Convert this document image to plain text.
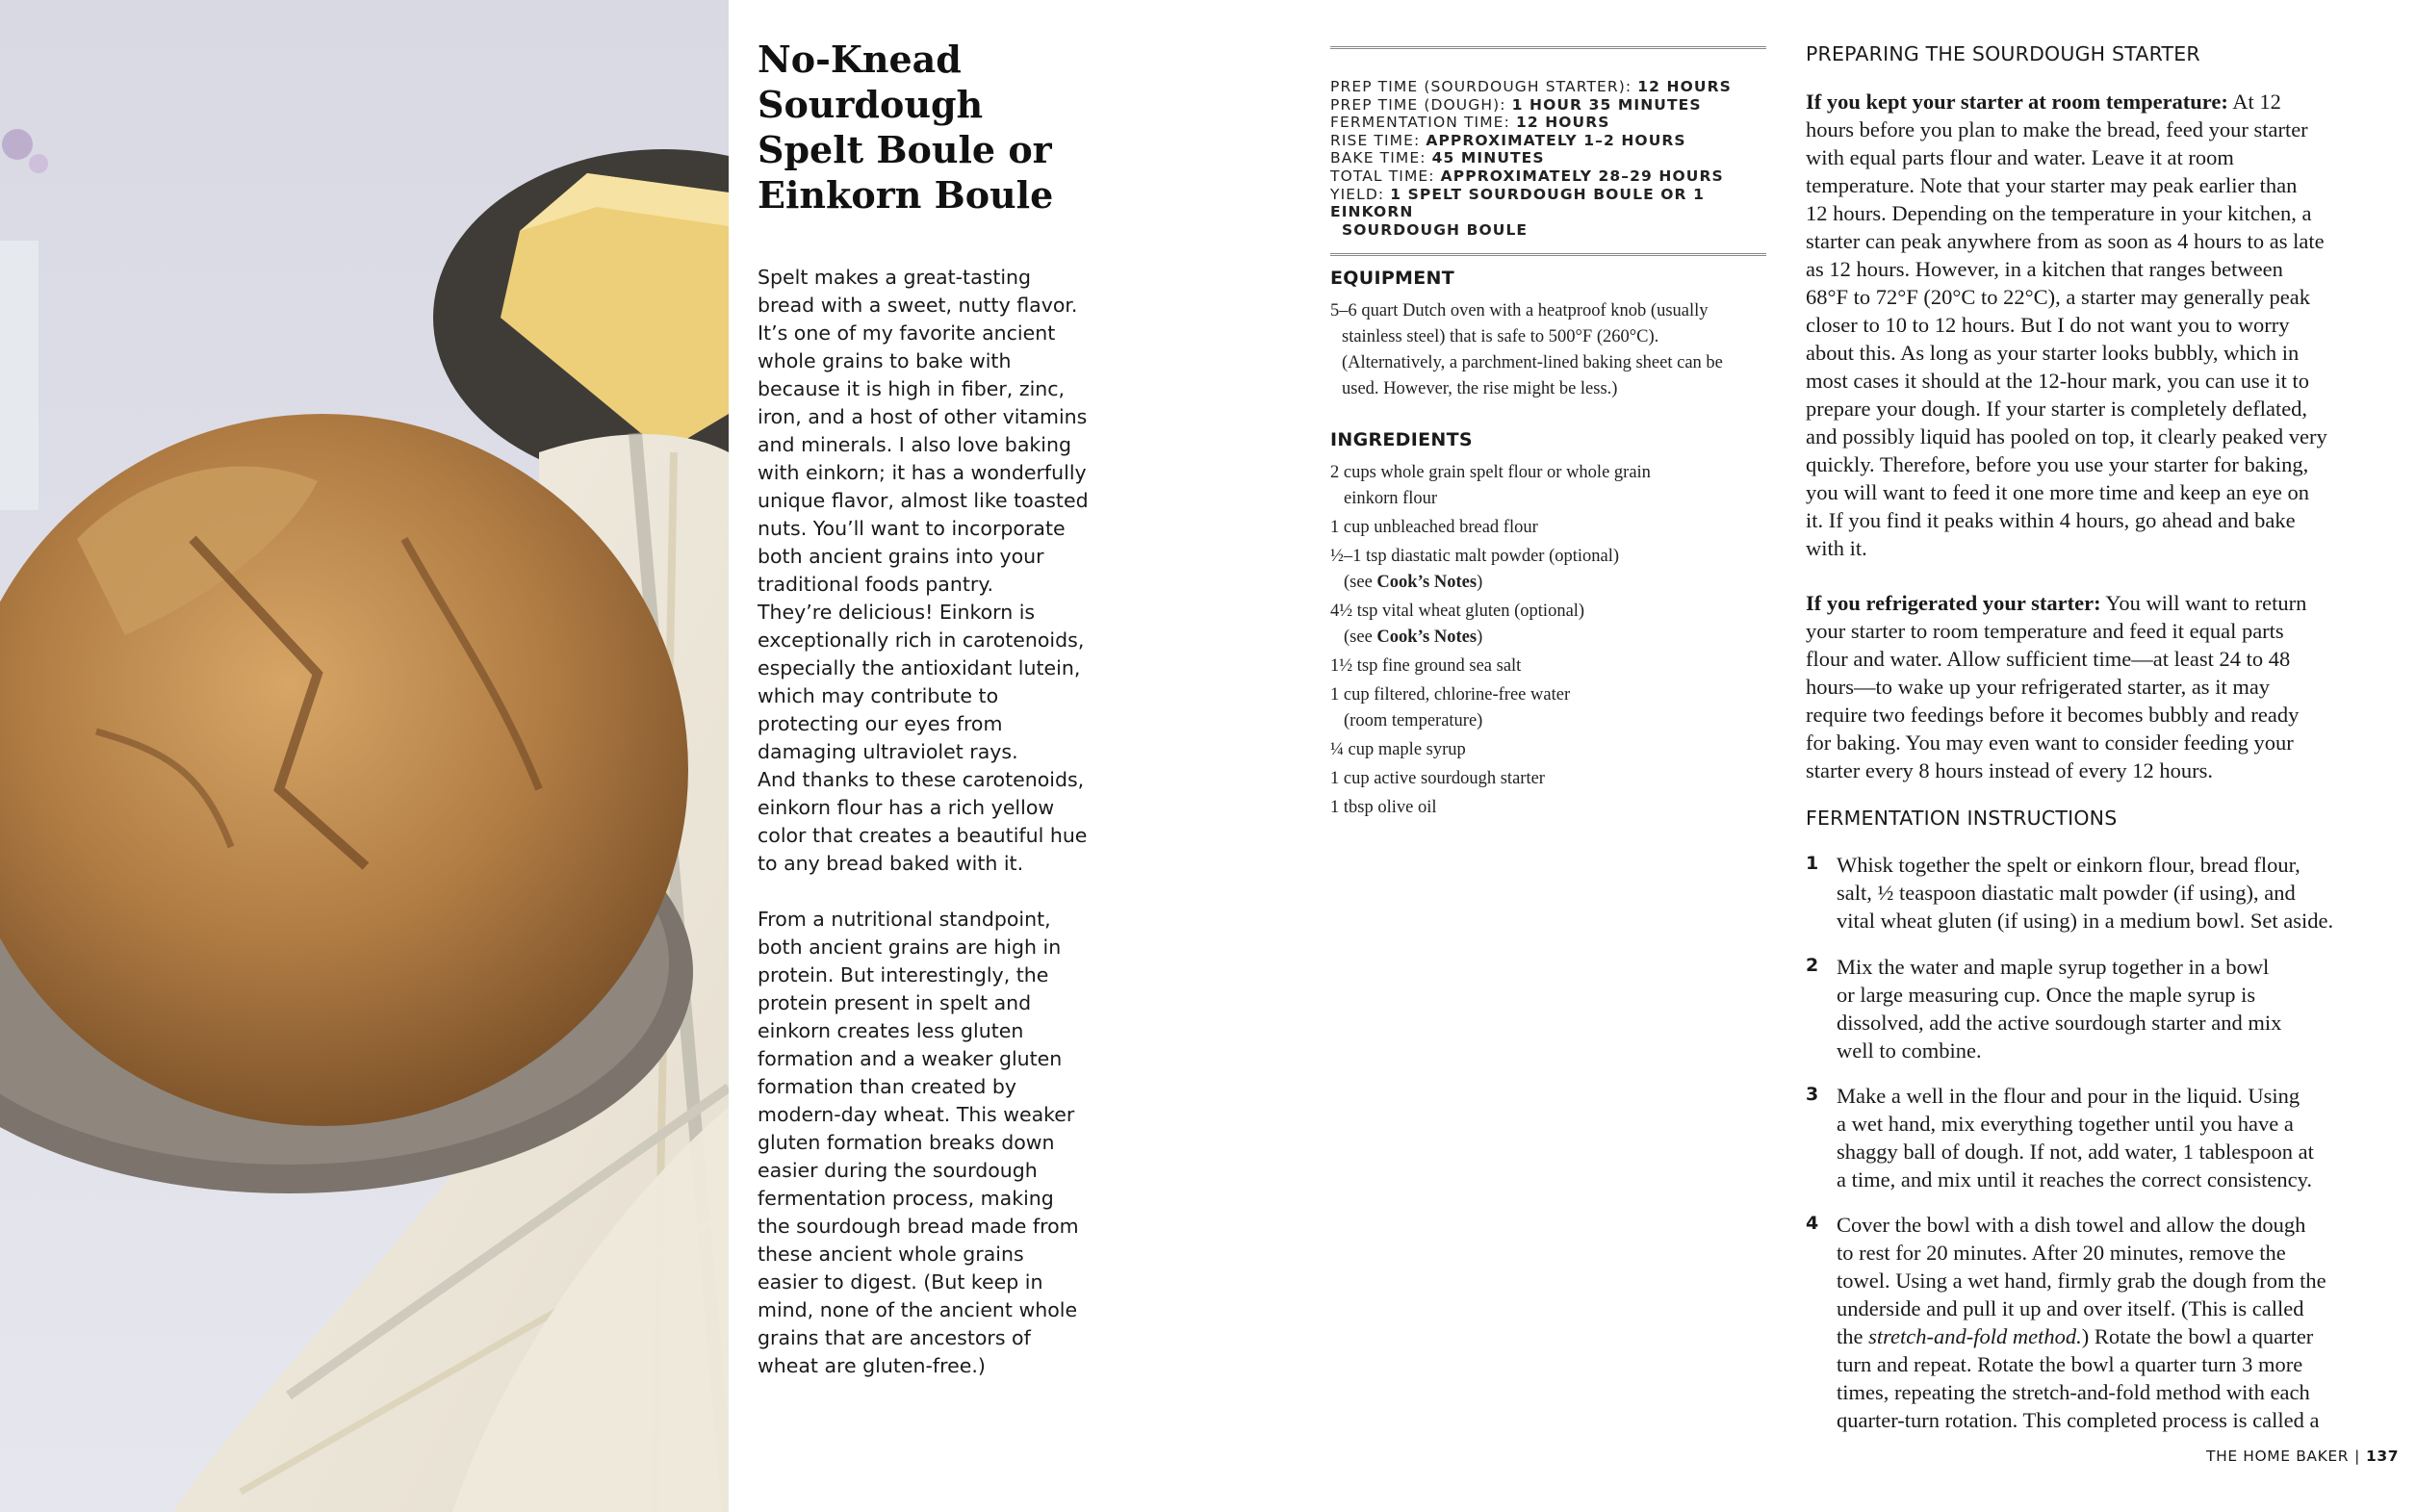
No-Knead
Sourdough
Spelt Boule or
Einkorn Boule

Spelt makes a great-tasting
bread with a sweet, nutty flavor.
It’s one of my favorite ancient
whole grains to bake with
because it is high in fiber, zinc,
iron, and a host of other vitamins
and minerals. I also love baking
with einkorn; it has a wonderfully
unique flavor, almost like toasted
nuts. You’ll want to incorporate
both ancient grains into your
traditional foods pantry.
They’re delicious! Einkorn is
exceptionally rich in carotenoids,
especially the antioxidant lutein,
which may contribute to
protecting our eyes from
damaging ultraviolet rays.
And thanks to these carotenoids,
einkorn flour has a rich yellow
color that creates a beautiful hue
to any bread baked with it.

From a nutritional standpoint,
both ancient grains are high in
protein. But interestingly, the
protein present in spelt and
einkorn creates less gluten
formation and a weaker gluten
formation than created by
modern-day wheat. This weaker
gluten formation breaks down
easier during the sourdough
fermentation process, making
the sourdough bread made from
these ancient whole grains
easier to digest. (But keep in
mind, none of the ancient whole
grains that are ancestors of
wheat are gluten-free.)

PREP TIME (SOURDOUGH STARTER): 12 HOURS
PREP TIME (DOUGH): 1 HOUR 35 MINUTES
FERMENTATION TIME: 12 HOURS
RISE TIME: APPROXIMATELY 1–2 HOURS
BAKE TIME: 45 MINUTES
TOTAL TIME: APPROXIMATELY 28–29 HOURS
YIELD: 1 SPELT SOURDOUGH BOULE OR 1 EINKORN
SOURDOUGH BOULE
EQUIPMENT
5–6 quart Dutch oven with a heatproof knob (usually
stainless steel) that is safe to 500°F (260°C).
(Alternatively, a parchment-lined baking sheet can be
used. However, the rise might be less.)
INGREDIENTS
2 cups whole grain spelt flour or whole grain
einkorn flour
1 cup unbleached bread flour
½–1 tsp diastatic malt powder (optional)
(see Cook’s Notes)
4½ tsp vital wheat gluten (optional)
(see Cook’s Notes)
1½ tsp fine ground sea salt
1 cup filtered, chlorine-free water
(room temperature)
¼ cup maple syrup
1 cup active sourdough starter
1 tbsp olive oil
PREPARING THE SOURDOUGH STARTER
If you kept your starter at room temperature: At 12
hours before you plan to make the bread, feed your starter
with equal parts flour and water. Leave it at room
temperature. Note that your starter may peak earlier than
12 hours. Depending on the temperature in your kitchen, a
starter can peak anywhere from as soon as 4 hours to as late
as 12 hours. However, in a kitchen that ranges between
68°F to 72°F (20°C to 22°C), a starter may generally peak
closer to 10 to 12 hours. But I do not want you to worry
about this. As long as your starter looks bubbly, which in
most cases it should at the 12-hour mark, you can use it to
prepare your dough. If your starter is completely deflated,
and possibly liquid has pooled on top, it clearly peaked very
quickly. Therefore, before you use your starter for baking,
you will want to feed it one more time and keep an eye on
it. If you find it peaks within 4 hours, go ahead and bake
with it.
If you refrigerated your starter: You will want to return
your starter to room temperature and feed it equal parts
flour and water. Allow sufficient time—at least 24 to 48
hours—to wake up your refrigerated starter, as it may
require two feedings before it becomes bubbly and ready
for baking. You may even want to consider feeding your
starter every 8 hours instead of every 12 hours.
FERMENTATION INSTRUCTIONS
1 Whisk together the spelt or einkorn flour, bread flour,
salt, ½ teaspoon diastatic malt powder (if using), and
vital wheat gluten (if using) in a medium bowl. Set aside.
2 Mix the water and maple syrup together in a bowl
or large measuring cup. Once the maple syrup is
dissolved, add the active sourdough starter and mix
well to combine.
3 Make a well in the flour and pour in the liquid. Using
a wet hand, mix everything together until you have a
shaggy ball of dough. If not, add water, 1 tablespoon at
a time, and mix until it reaches the correct consistency.
4 Cover the bowl with a dish towel and allow the dough
to rest for 20 minutes. After 20 minutes, remove the
towel. Using a wet hand, firmly grab the dough from the
underside and pull it up and over itself. (This is called
the stretch-and-fold method.) Rotate the bowl a quarter
turn and repeat. Rotate the bowl a quarter turn 3 more
times, repeating the stretch-and-fold method with each
quarter-turn rotation. This completed process is called a
THE HOME BAKER | 137
